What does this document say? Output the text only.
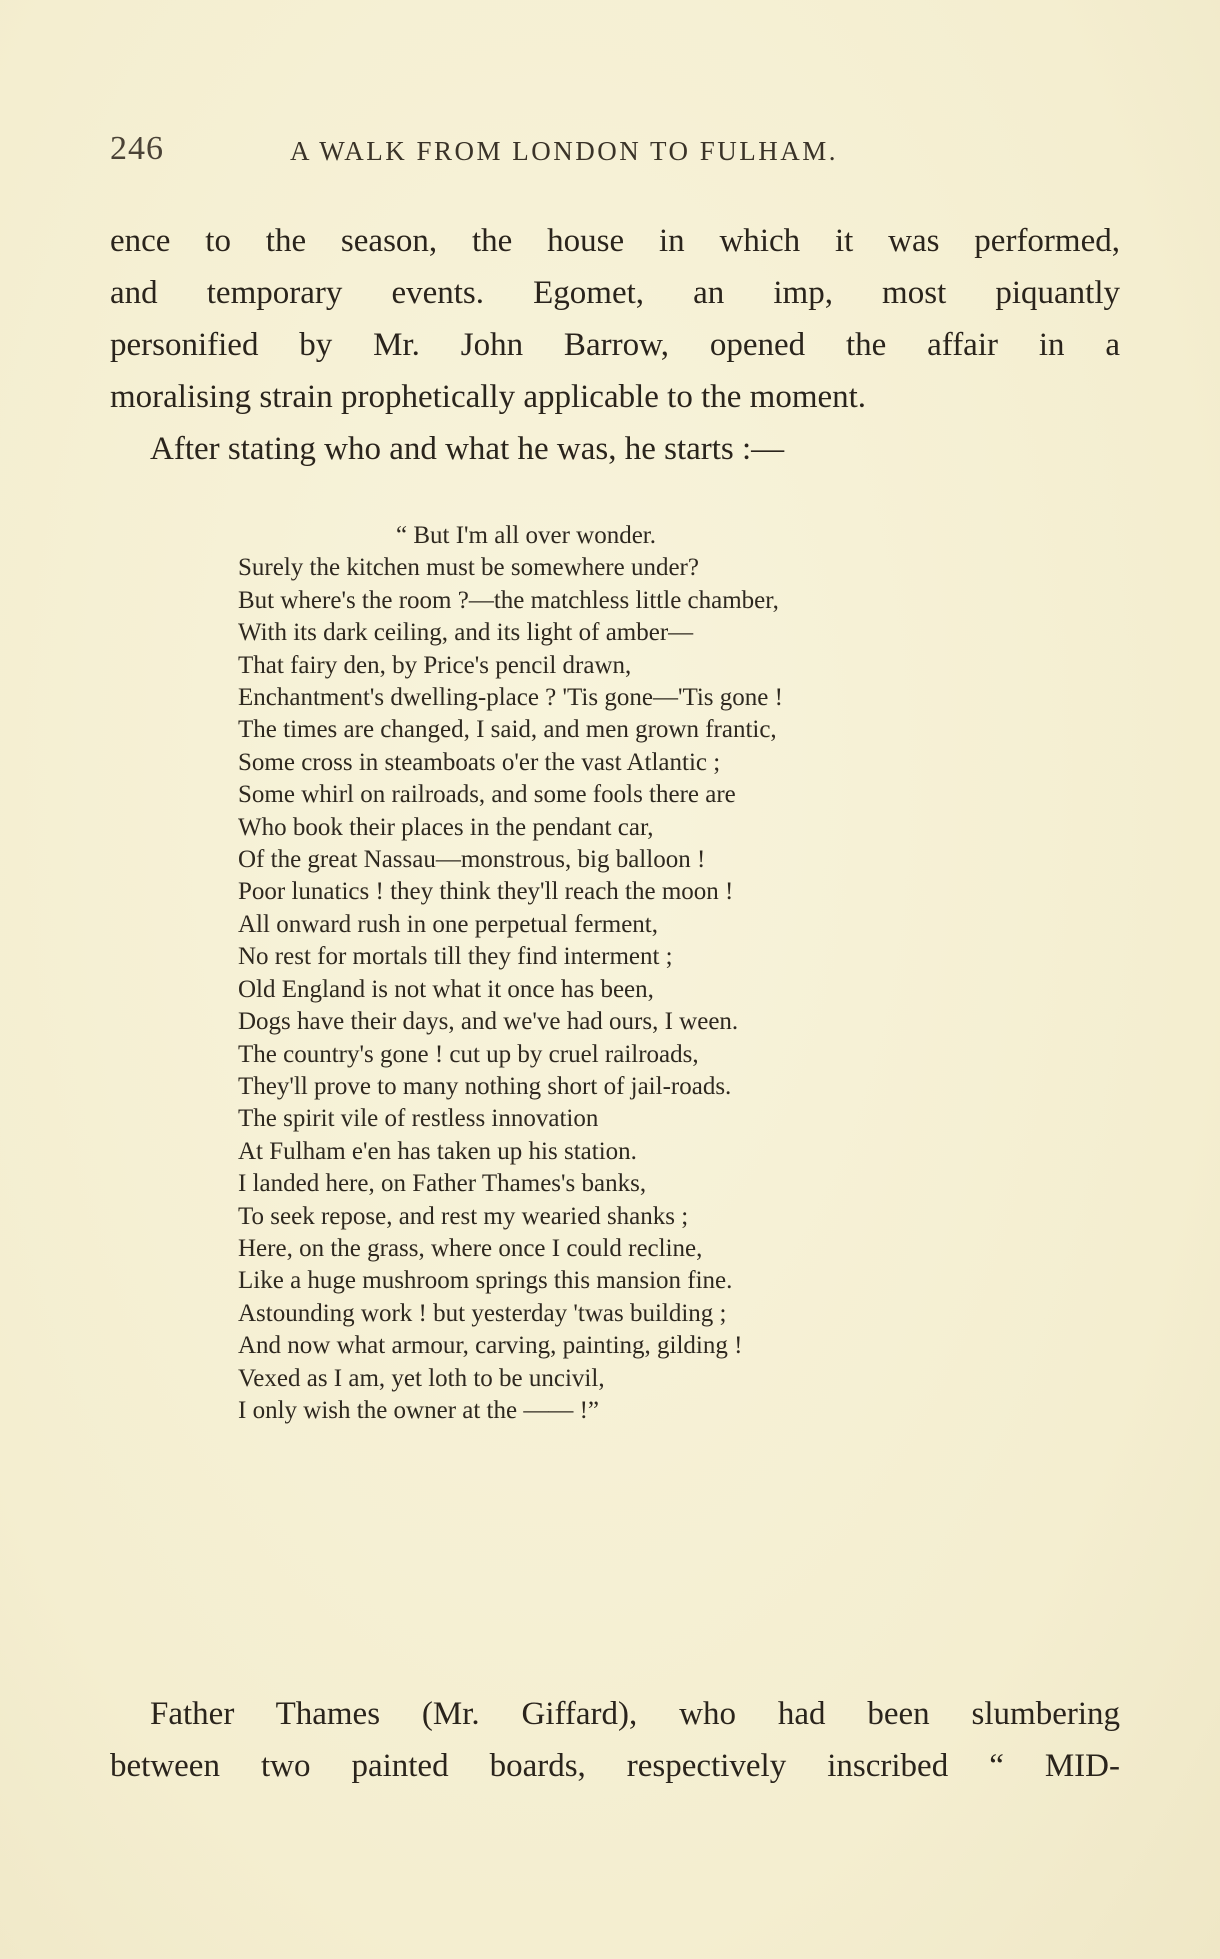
246	A WALK FROM LONDON TO FULHAM.
ence to the season, the house in which it was performed,
and temporary events. Egomet, an imp, most piquantly
personified by Mr. John Barrow, opened the affair in a
moralising strain prophetically applicable to the moment.
After stating who and what he was, he starts :—
“ But I'm all over wonder.
Surely the kitchen must be somewhere under?
But where's the room ?—the matchless little chamber,
With its dark ceiling, and its light of amber—
That fairy den, by Price's pencil drawn,
Enchantment's dwelling-place ? 'Tis gone—'Tis gone !
The times are changed, I said, and men grown frantic,
Some cross in steamboats o'er the vast Atlantic ;
Some whirl on railroads, and some fools there are
Who book their places in the pendant car,
Of the great Nassau—monstrous, big balloon !
Poor lunatics ! they think they'll reach the moon !
All onward rush in one perpetual ferment,
No rest for mortals till they find interment ;
Old England is not what it once has been,
Dogs have their days, and we've had ours, I ween.
The country's gone ! cut up by cruel railroads,
They'll prove to many nothing short of jail-roads.
The spirit vile of restless innovation
At Fulham e'en has taken up his station.
I landed here, on Father Thames's banks,
To seek repose, and rest my wearied shanks ;
Here, on the grass, where once I could recline,
Like a huge mushroom springs this mansion fine.
Astounding work ! but yesterday 'twas building ;
And now what armour, carving, painting, gilding !
Vexed as I am, yet loth to be uncivil,
I only wish the owner at the —— !”
Father Thames (Mr. Giffard), who had been slumbering
between two painted boards, respectively inscribed “ MID-
